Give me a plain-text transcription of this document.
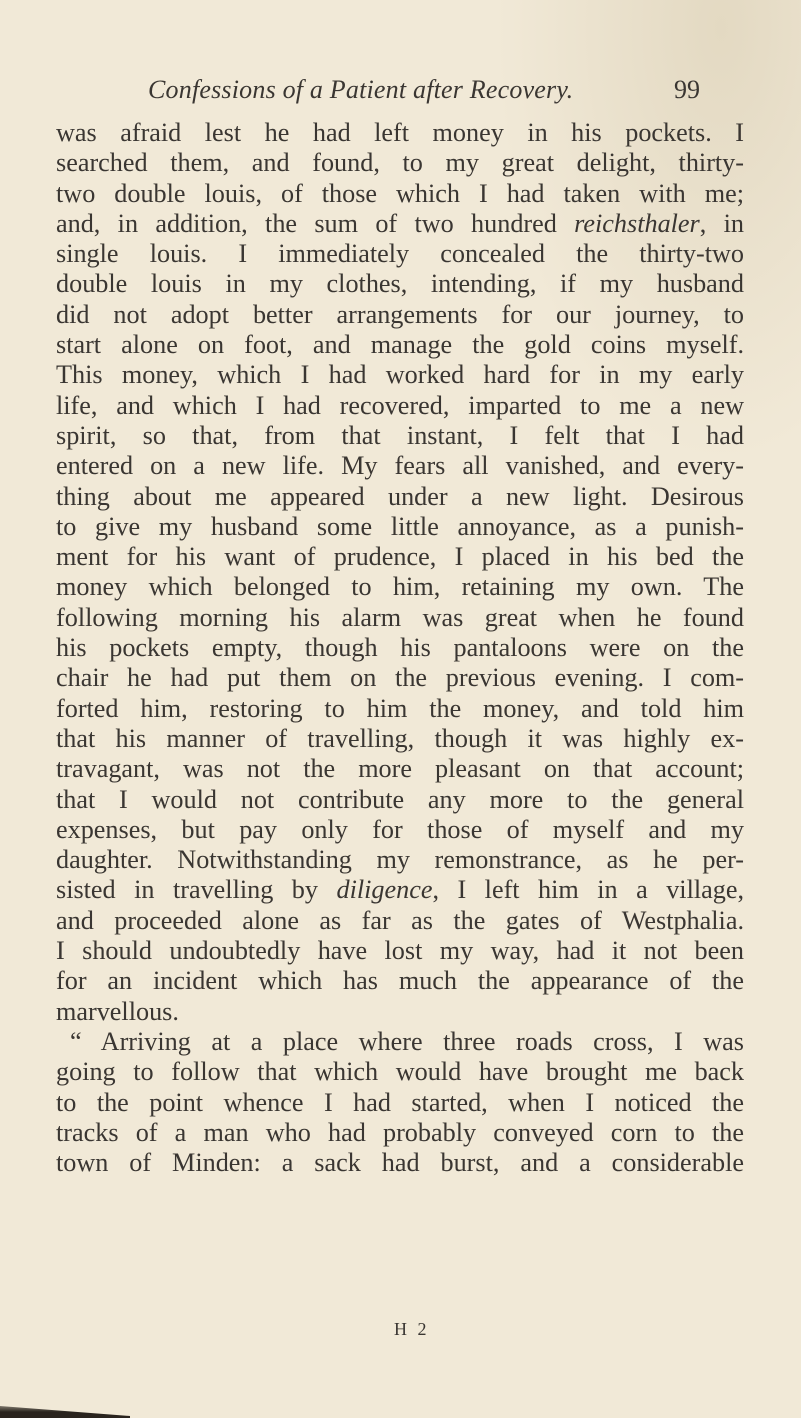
Confessions of a Patient after Recovery.	99
was afraid lest he had left money in his pockets. I
searched them, and found, to my great delight, thirty-
two double louis, of those which I had taken with me;
and, in addition, the sum of two hundred reichsthaler, in
single louis. I immediately concealed the thirty-two
double louis in my clothes, intending, if my husband
did not adopt better arrangements for our journey, to
start alone on foot, and manage the gold coins myself.
This money, which I had worked hard for in my early
life, and which I had recovered, imparted to me a new
spirit, so that, from that instant, I felt that I had
entered on a new life. My fears all vanished, and every-
thing about me appeared under a new light. Desirous
to give my husband some little annoyance, as a punish-
ment for his want of prudence, I placed in his bed the
money which belonged to him, retaining my own. The
following morning his alarm was great when he found
his pockets empty, though his pantaloons were on the
chair he had put them on the previous evening. I com-
forted him, restoring to him the money, and told him
that his manner of travelling, though it was highly ex-
travagant, was not the more pleasant on that account;
that I would not contribute any more to the general
expenses, but pay only for those of myself and my
daughter. Notwithstanding my remonstrance, as he per-
sisted in travelling by diligence, I left him in a village,
and proceeded alone as far as the gates of Westphalia.
I should undoubtedly have lost my way, had it not been
for an incident which has much the appearance of the
marvellous.
“ Arriving at a place where three roads cross, I was
going to follow that which would have brought me back
to the point whence I had started, when I noticed the
tracks of a man who had probably conveyed corn to the
town of Minden: a sack had burst, and a considerable
H 2
